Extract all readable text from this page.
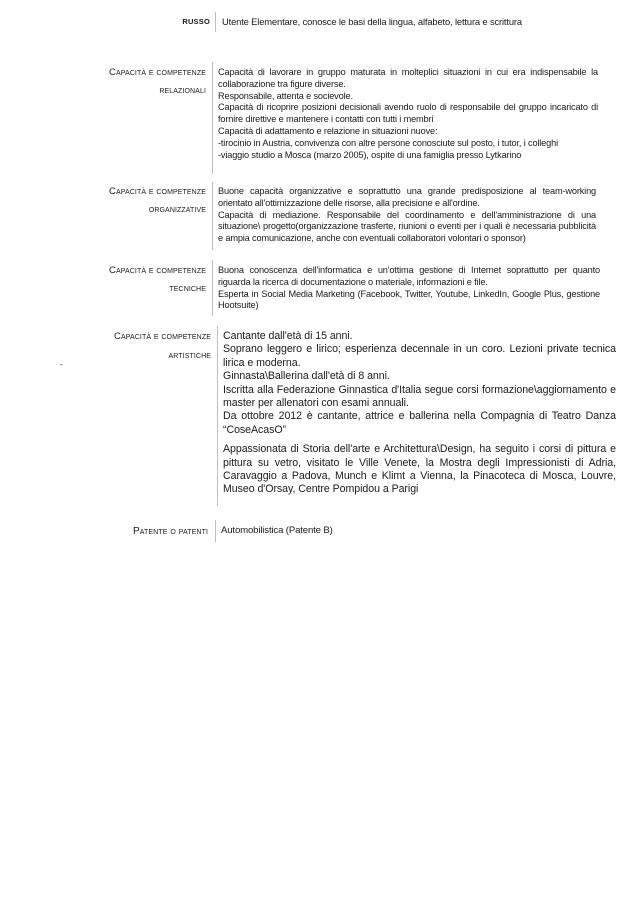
RUSSO Utente Elementare, conosce le basi della lingua, alfabeto, lettura e scrittura
Capacità e competenze
relazionali

Capacità di lavorare in gruppo maturata in molteplici situazioni in cui era indispensabile la collaborazione tra figure diverse.

Responsabile, attenta e socievole.

Capacità di ricoprire posizioni decisionali avendo ruolo di responsabile del gruppo incaricato di fornire direttive e mantenere i contatti con tutti i membri

Capacità di adattamento e relazione in situazioni nuove:

-tirocinio in Austria, convivenza con altre persone conosciute sul posto, i tutor, i colleghi

-viaggio studio a Mosca (marzo 2005), ospite di una famiglia presso Lytkarino

Capacità e competenze
organizzative

Buone capacità organizzative e soprattutto una grande predisposizione al team-working orientato all'ottimizzazione delle risorse, alla precisione e all'ordine.

Capacità di mediazione. Responsabile del coordinamento e dell'amministrazione di una situazione\ progetto(organizzazione trasferte, riunioni o eventi per i quali è necessaria pubblicità e ampia comunicazione, anche con eventuali collaboratori volontari o sponsor)

Capacità e competenze
tecniche

Buona conoscenza dell'informatica e un'ottima gestione di Internet soprattutto per quanto riguarda la ricerca di documentazione o materiale, informazioni e file.

Esperta in Social Media Marketing (Facebook, Twitter, Youtube, LinkedIn, Google Plus, gestione Hootsuite)

-
Capacità e competenze
artistiche

Cantante dall'età di 15 anni.

Soprano leggero e lirico; esperienza decennale in un coro. Lezioni private tecnica lirica e moderna.

Ginnasta\Ballerina dall'età di 8 anni.

Iscritta alla Federazione Ginnastica d'Italia segue corsi formazione\aggiornamento e master per allenatori con esami annuali.

Da ottobre 2012 è cantante, attrice e ballerina nella Compagnia di Teatro Danza “CoseAcasO”

Appassionata di Storia dell'arte e Architettura\Design, ha seguito i corsi di pittura e pittura su vetro, visitato le Ville Venete, la Mostra degli Impressionisti di Adria, Caravaggio a Padova, Munch e Klimt a Vienna, la Pinacoteca di Mosca, Louvre, Museo d'Orsay, Centre Pompidou a Parigi

Patente o patenti Automobilistica (Patente B)
